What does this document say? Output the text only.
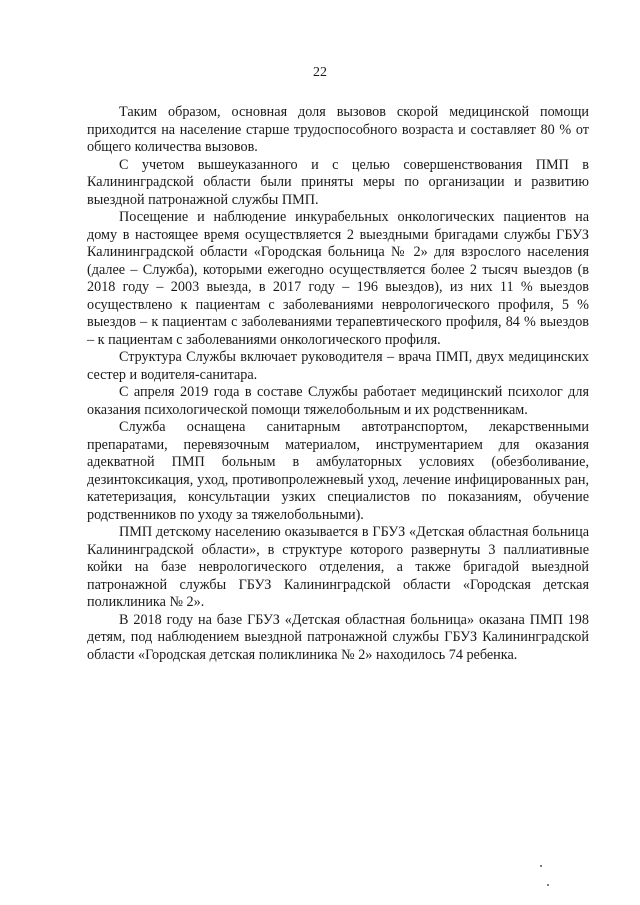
22

Таким образом, основная доля вызовов скорой медицинской помощи приходится на население старше трудоспособного возраста и составляет 80 % от общего количества вызовов.

С учетом вышеуказанного и с целью совершенствования ПМП в Калининградской области были приняты меры по организации и развитию выездной патронажной службы ПМП.

Посещение и наблюдение инкурабельных онкологических пациентов на дому в настоящее время осуществляется 2 выездными бригадами службы ГБУЗ Калининградской области «Городская больница № 2» для взрослого населения (далее – Служба), которыми ежегодно осуществляется более 2 тысяч выездов (в 2018 году – 2003 выезда, в 2017 году – 196 выездов), из них 11 % выездов осуществлено к пациентам с заболеваниями неврологического профиля, 5 % выездов – к пациентам с заболеваниями терапевтического профиля, 84 % выездов – к пациентам с заболеваниями онкологического профиля.

Структура Службы включает руководителя – врача ПМП, двух медицинских сестер и водителя-санитара.

С апреля 2019 года в составе Службы работает медицинский психолог для оказания психологической помощи тяжелобольным и их родственникам.

Служба оснащена санитарным автотранспортом, лекарственными препаратами, перевязочным материалом, инструментарием для оказания адекватной ПМП больным в амбулаторных условиях (обезболивание, дезинтоксикация, уход, противопролежневый уход, лечение инфицированных ран, катетеризация, консультации узких специалистов по показаниям, обучение родственников по уходу за тяжелобольными).

ПМП детскому населению оказывается в ГБУЗ «Детская областная больница Калининградской области», в структуре которого развернуты 3 паллиативные койки на базе неврологического отделения, а также бригадой выездной патронажной службы ГБУЗ Калининградской области «Городская детская поликлиника № 2».

В 2018 году на базе ГБУЗ «Детская областная больница» оказана ПМП 198 детям, под наблюдением выездной патронажной службы ГБУЗ Калининградской области «Городская детская поликлиника № 2» находилось 74 ребенка.
